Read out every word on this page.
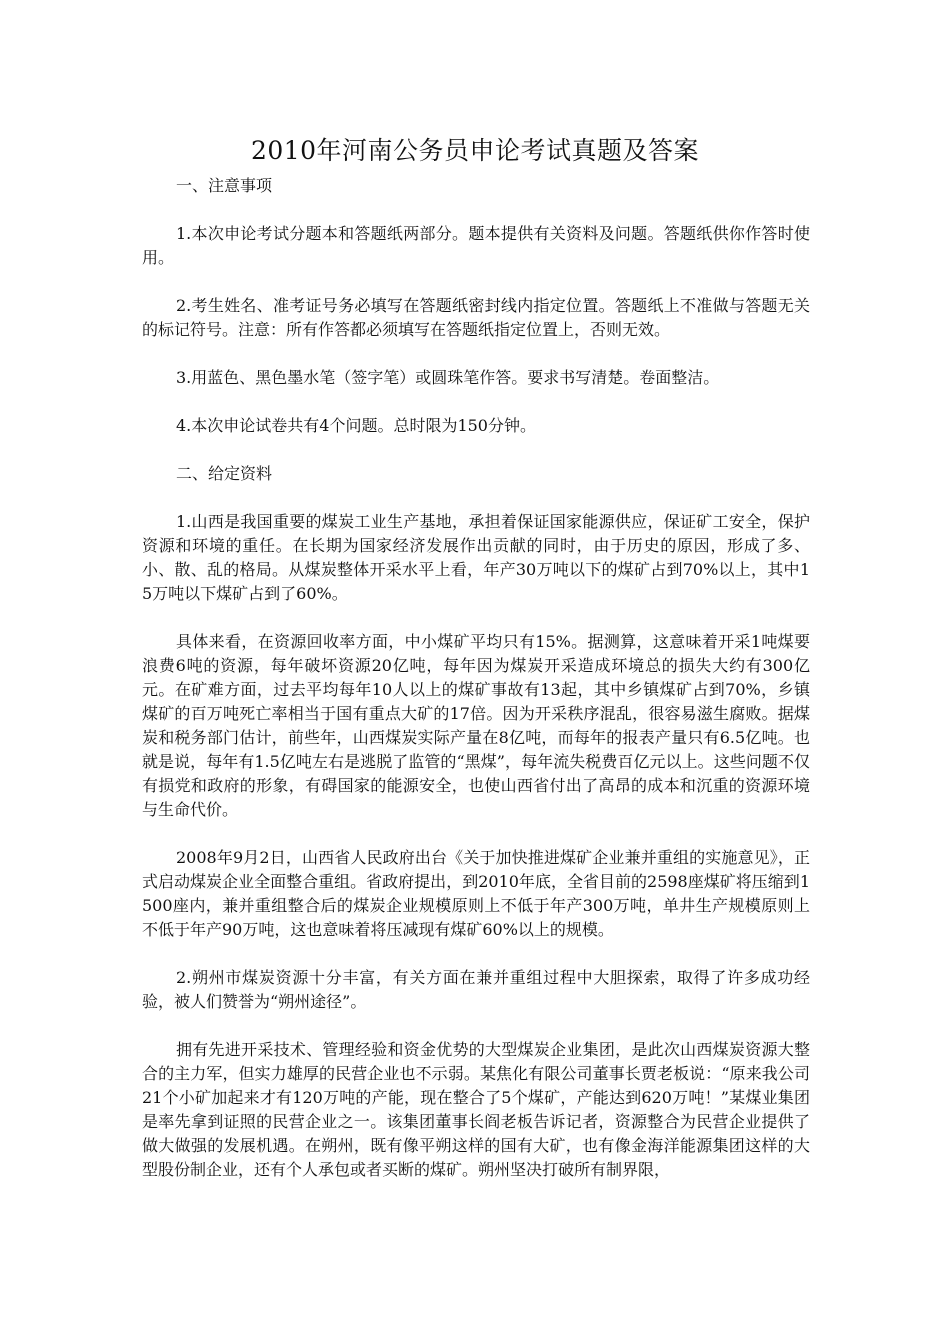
2010年河南公务员申论考试真题及答案

一、注意事项

1.本次申论考试分题本和答题纸两部分。题本提供有关资料及问题。答题纸供你作答时使用。

2.考生姓名、准考证号务必填写在答题纸密封线内指定位置。答题纸上不准做与答题无关的标记符号。注意：所有作答都必须填写在答题纸指定位置上，否则无效。

3.用蓝色、黑色墨水笔（签字笔）或圆珠笔作答。要求书写清楚。卷面整洁。

4.本次申论试卷共有4个问题。总时限为150分钟。

二、给定资料

1.山西是我国重要的煤炭工业生产基地，承担着保证国家能源供应，保证矿工安全，保护资源和环境的重任。在长期为国家经济发展作出贡献的同时，由于历史的原因，形成了多、小、散、乱的格局。从煤炭整体开采水平上看，年产30万吨以下的煤矿占到70%以上，其中15万吨以下煤矿占到了60%。

具体来看，在资源回收率方面，中小煤矿平均只有15%。据测算，这意味着开采1吨煤要浪费6吨的资源，每年破坏资源20亿吨，每年因为煤炭开采造成环境总的损失大约有300亿元。在矿难方面，过去平均每年10人以上的煤矿事故有13起，其中乡镇煤矿占到70%，乡镇煤矿的百万吨死亡率相当于国有重点大矿的17倍。因为开采秩序混乱，很容易滋生腐败。据煤炭和税务部门估计，前些年，山西煤炭实际产量在8亿吨，而每年的报表产量只有6.5亿吨。也就是说，每年有1.5亿吨左右是逃脱了监管的“黑煤”，每年流失税费百亿元以上。这些问题不仅有损党和政府的形象，有碍国家的能源安全，也使山西省付出了高昂的成本和沉重的资源环境与生命代价。

2008年9月2日，山西省人民政府出台《关于加快推进煤矿企业兼并重组的实施意见》，正式启动煤炭企业全面整合重组。省政府提出，到2010年底，全省目前的2598座煤矿将压缩到1500座内，兼并重组整合后的煤炭企业规模原则上不低于年产300万吨，单井生产规模原则上不低于年产90万吨，这也意味着将压减现有煤矿60%以上的规模。

2.朔州市煤炭资源十分丰富，有关方面在兼并重组过程中大胆探索，取得了许多成功经验，被人们赞誉为“朔州途径”。

拥有先进开采技术、管理经验和资金优势的大型煤炭企业集团，是此次山西煤炭资源大整合的主力军，但实力雄厚的民营企业也不示弱。某焦化有限公司董事长贾老板说：“原来我公司21个小矿加起来才有120万吨的产能，现在整合了5个煤矿，产能达到620万吨！”某煤业集团是率先拿到证照的民营企业之一。该集团董事长阎老板告诉记者，资源整合为民营企业提供了做大做强的发展机遇。在朔州，既有像平朔这样的国有大矿，也有像金海洋能源集团这样的大型股份制企业，还有个人承包或者买断的煤矿。朔州坚决打破所有制界限，
